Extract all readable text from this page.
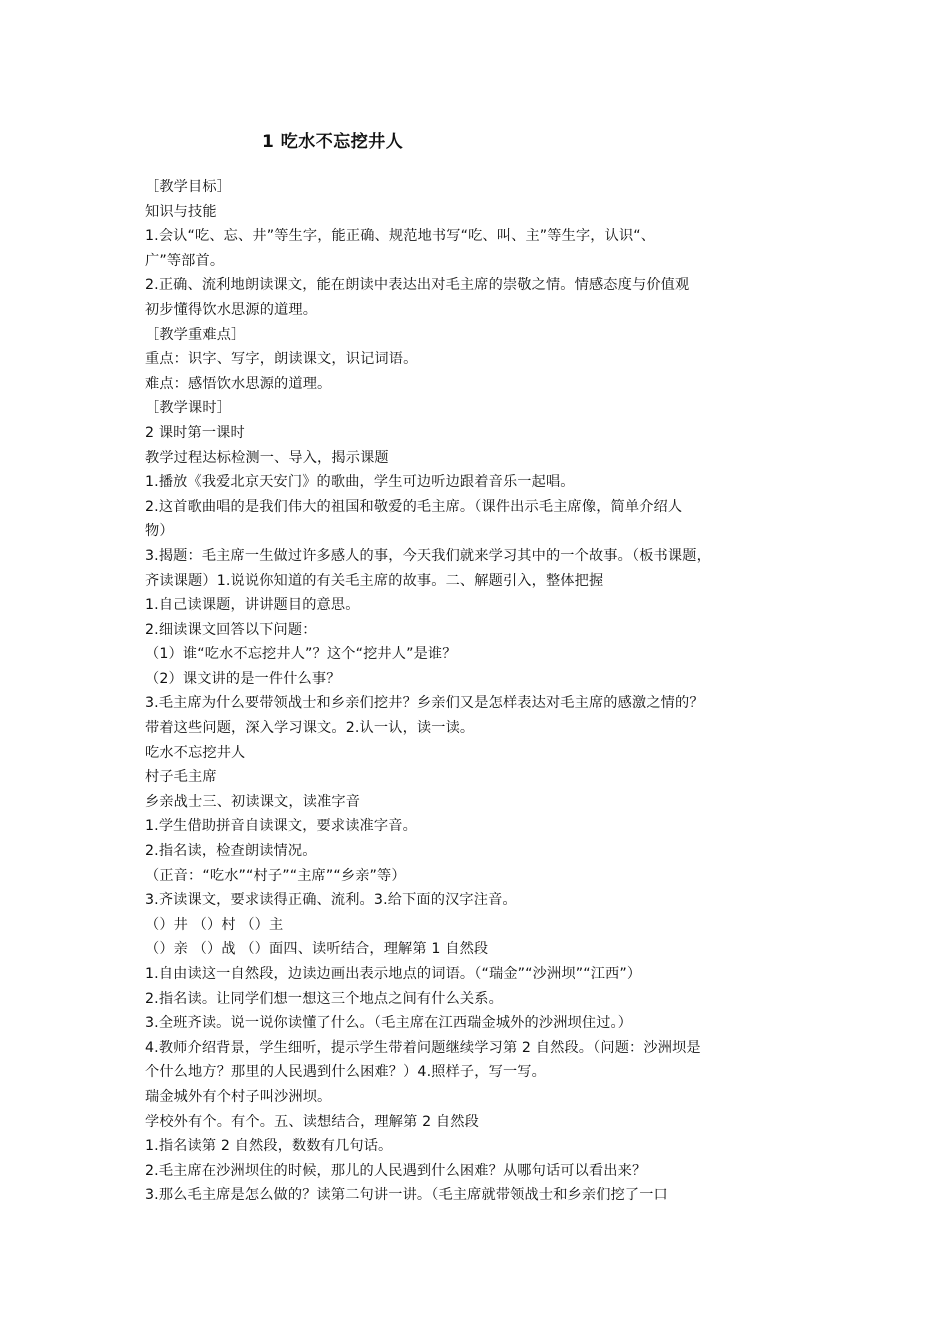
1 吃水不忘挖井人
［教学目标］
知识与技能
1.会认“吃、忘、井”等生字，能正确、规范地书写“吃、叫、主”等生字，认识“、
广”等部首。
2.正确、流利地朗读课文，能在朗读中表达出对毛主席的崇敬之情。情感态度与价值观
初步懂得饮水思源的道理。
［教学重难点］
重点：识字、写字，朗读课文，识记词语。
难点：感悟饮水思源的道理。
［教学课时］
2 课时第一课时
教学过程达标检测一、导入，揭示课题
1.播放《我爱北京天安门》的歌曲，学生可边听边跟着音乐一起唱。
2.这首歌曲唱的是我们伟大的祖国和敬爱的毛主席。（课件出示毛主席像，简单介绍人
物）
3.揭题：毛主席一生做过许多感人的事，今天我们就来学习其中的一个故事。（板书课题，
齐读课题）1.说说你知道的有关毛主席的故事。二、解题引入，整体把握
1.自己读课题，讲讲题目的意思。
2.细读课文回答以下问题：
（1）谁“吃水不忘挖井人”？这个“挖井人”是谁？
（2）课文讲的是一件什么事？
3.毛主席为什么要带领战士和乡亲们挖井？乡亲们又是怎样表达对毛主席的感激之情的？
带着这些问题，深入学习课文。2.认一认，读一读。
吃水不忘挖井人
村子毛主席
乡亲战士三、初读课文，读准字音
1.学生借助拼音自读课文，要求读准字音。
2.指名读，检查朗读情况。
（正音：“吃水”“村子”“主席”“乡亲”等）
3.齐读课文，要求读得正确、流利。3.给下面的汉字注音。
（）井 （）村 （）主
（）亲 （）战 （）面四、读听结合，理解第 1 自然段
1.自由读这一自然段，边读边画出表示地点的词语。（“瑞金”“沙洲坝”“江西”）
2.指名读。让同学们想一想这三个地点之间有什么关系。
3.全班齐读。说一说你读懂了什么。（毛主席在江西瑞金城外的沙洲坝住过。）
4.教师介绍背景，学生细听，提示学生带着问题继续学习第 2 自然段。（问题：沙洲坝是
个什么地方？那里的人民遇到什么困难？）4.照样子，写一写。
瑞金城外有个村子叫沙洲坝。
学校外有个。有个。五、读想结合，理解第 2 自然段
1.指名读第 2 自然段，数数有几句话。
2.毛主席在沙洲坝住的时候，那儿的人民遇到什么困难？从哪句话可以看出来？
3.那么毛主席是怎么做的？读第二句讲一讲。（毛主席就带领战士和乡亲们挖了一口
